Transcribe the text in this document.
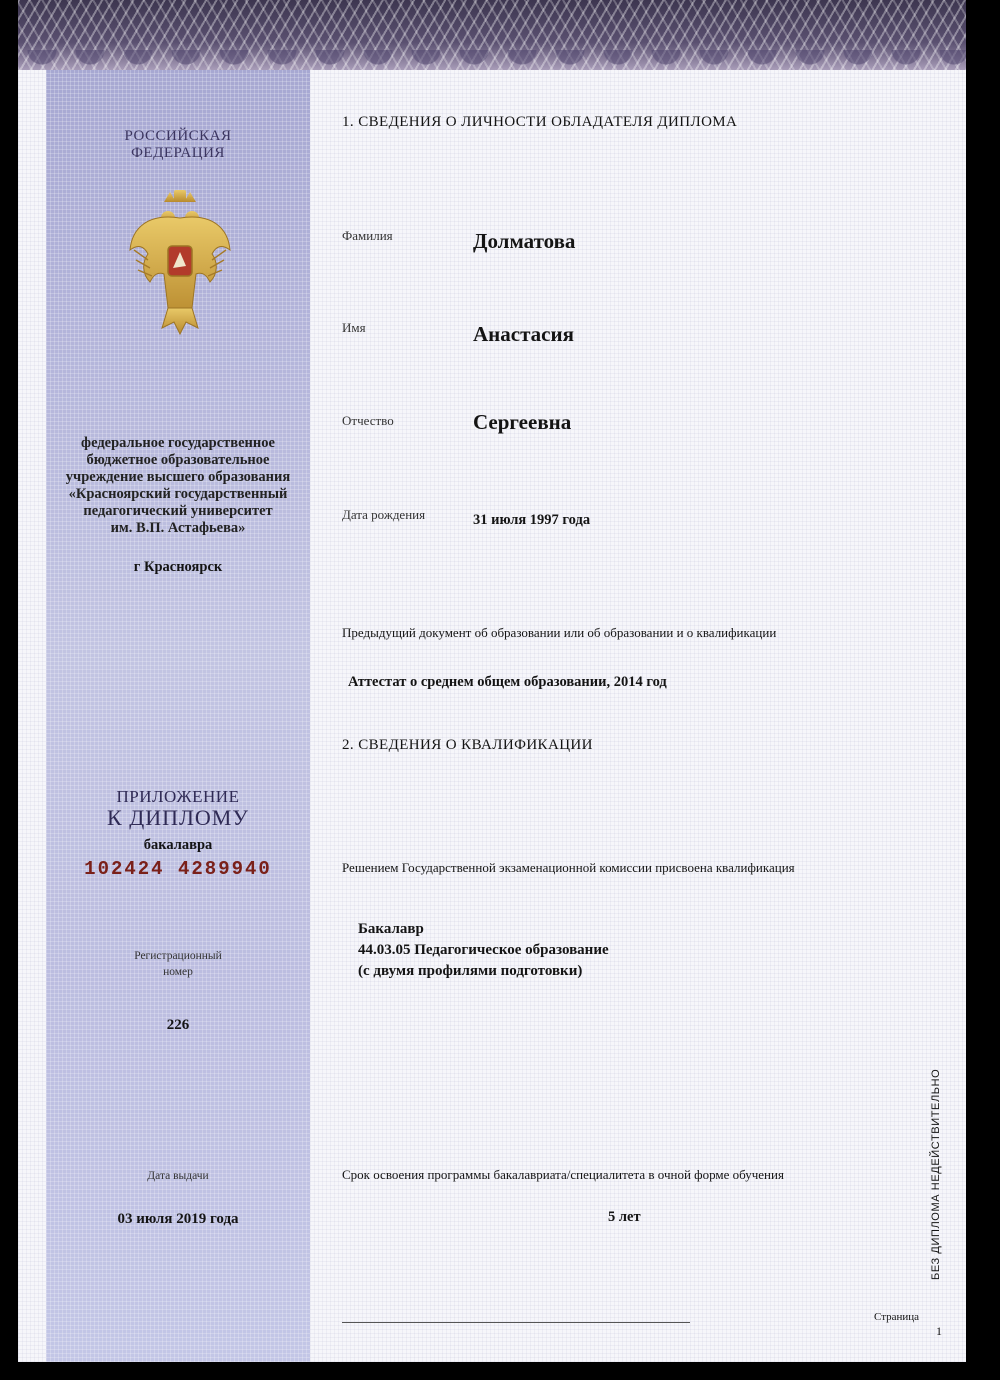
РОССИЙСКАЯ
ФЕДЕРАЦИЯ
федеральное государственное
бюджетное образовательное
учреждение высшего образования
«Красноярский государственный
педагогический университет
им. В.П. Астафьева»
г Красноярск
ПРИЛОЖЕНИЕ
К ДИПЛОМУ
бакалавра
102424 4289940
Регистрационный
номер
226
Дата выдачи
03 июля 2019 года
1. СВЕДЕНИЯ О ЛИЧНОСТИ ОБЛАДАТЕЛЯ ДИПЛОМА
Фамилия	Долматова
Имя	Анастасия
Отчество	Сергеевна
Дата рождения	31 июля 1997 года
Предыдущий документ об образовании или об образовании и о квалификации
Аттестат о среднем общем образовании, 2014 год
2. СВЕДЕНИЯ О КВАЛИФИКАЦИИ
Решением Государственной экзаменационной комиссии присвоена квалификация
Бакалавр
44.03.05 Педагогическое образование
(с двумя профилями подготовки)
Срок освоения программы бакалавриата/специалитета в очной форме обучения
5 лет	БЕЗ ДИПЛОМА НЕДЕЙСТВИТЕЛЬНО
Страница
1
